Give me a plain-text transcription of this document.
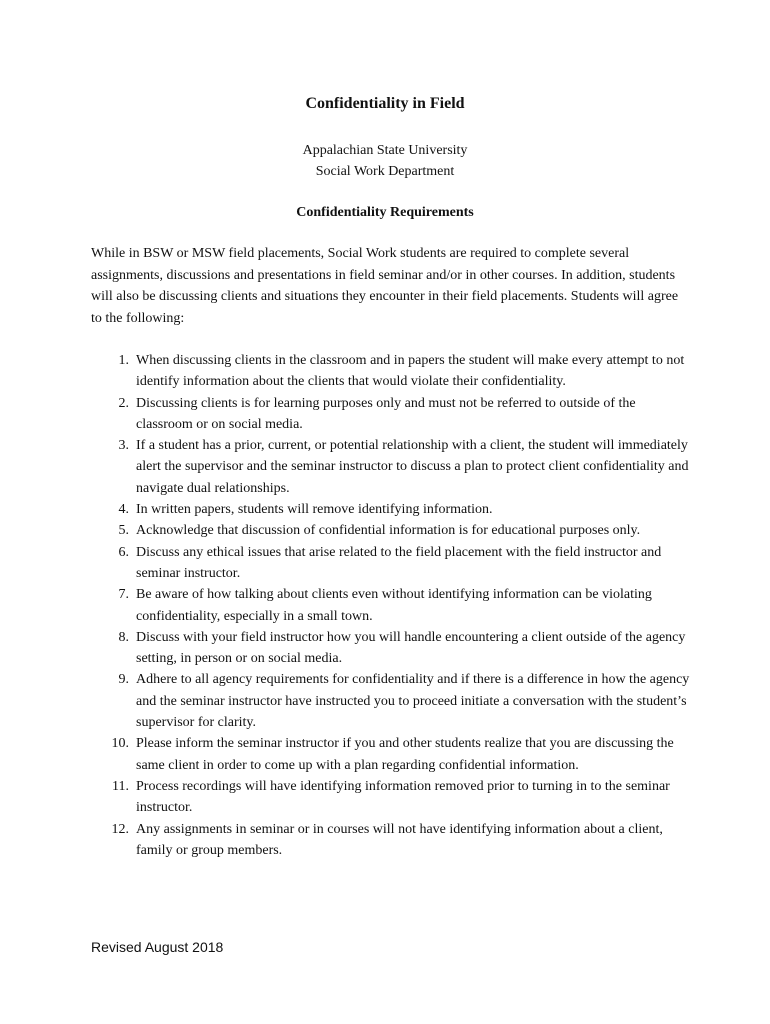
Confidentiality in Field
Appalachian State University
Social Work Department
Confidentiality Requirements

While in BSW or MSW field placements, Social Work students are required to complete several assignments, discussions and presentations in field seminar and/or in other courses. In addition, students will also be discussing clients and situations they encounter in their field placements. Students will agree to the following:

1. When discussing clients in the classroom and in papers the student will make every attempt to not identify information about the clients that would violate their confidentiality.
2. Discussing clients is for learning purposes only and must not be referred to outside of the classroom or on social media.
3. If a student has a prior, current, or potential relationship with a client, the student will immediately alert the supervisor and the seminar instructor to discuss a plan to protect client confidentiality and navigate dual relationships.
4. In written papers, students will remove identifying information.
5. Acknowledge that discussion of confidential information is for educational purposes only.
6. Discuss any ethical issues that arise related to the field placement with the field instructor and seminar instructor.
7. Be aware of how talking about clients even without identifying information can be violating confidentiality, especially in a small town.
8. Discuss with your field instructor how you will handle encountering a client outside of the agency setting, in person or on social media.
9. Adhere to all agency requirements for confidentiality and if there is a difference in how the agency and the seminar instructor have instructed you to proceed initiate a conversation with the student’s supervisor for clarity.
10. Please inform the seminar instructor if you and other students realize that you are discussing the same client in order to come up with a plan regarding confidential information.
11. Process recordings will have identifying information removed prior to turning in to the seminar instructor.
12. Any assignments in seminar or in courses will not have identifying information about a client, family or group members.
Revised August 2018
